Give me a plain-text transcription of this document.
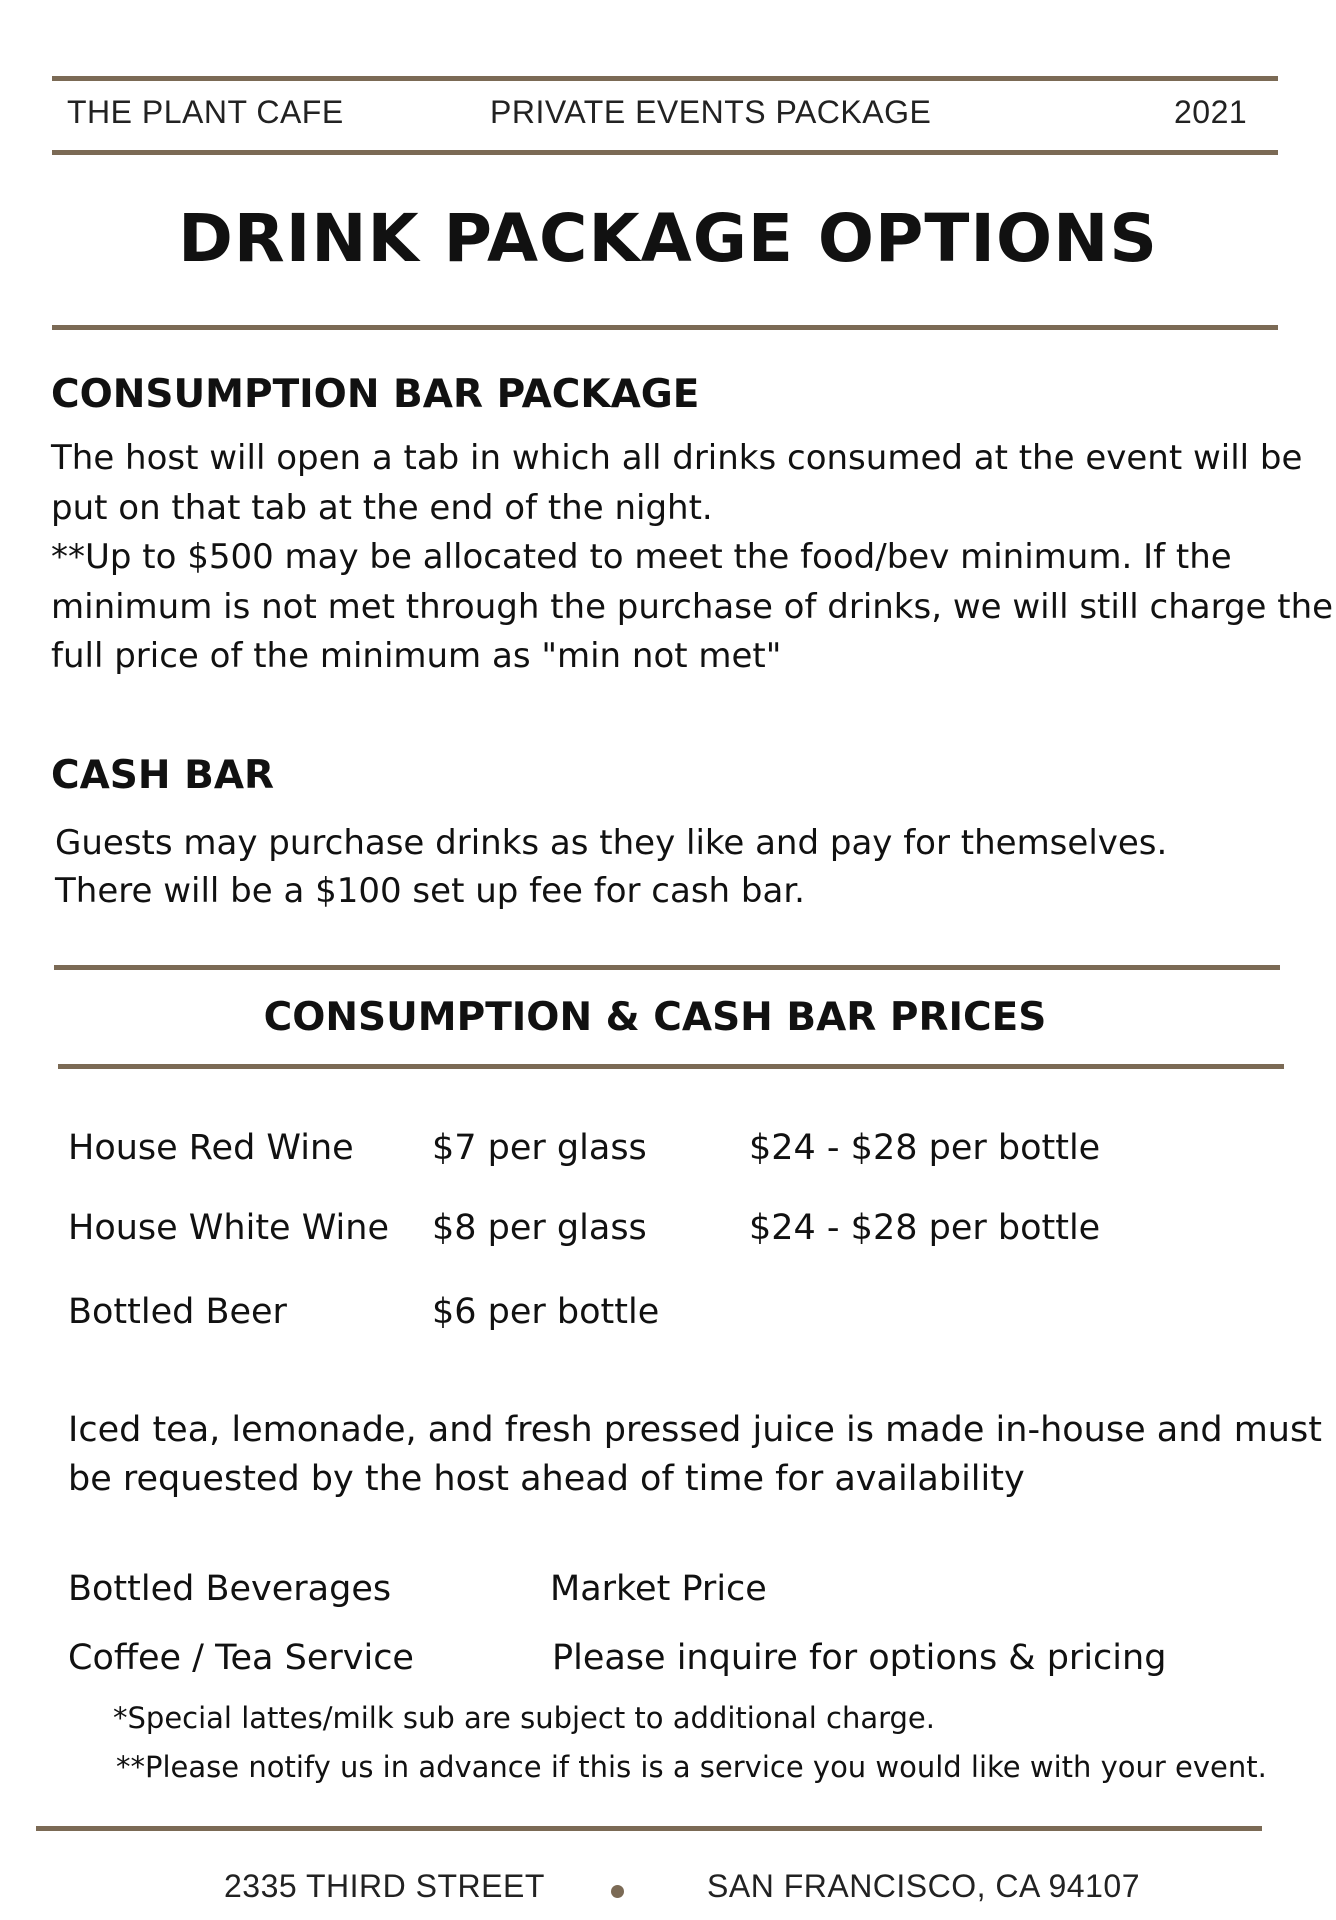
THE PLANT CAFE	PRIVATE EVENTS PACKAGE	2021
DRINK PACKAGE OPTIONS
CONSUMPTION BAR PACKAGE
The host will open a tab in which all drinks consumed at the event will be
put on that tab at the end of the night.
**Up to $500 may be allocated to meet the food/bev minimum. If the
minimum is not met through the purchase of drinks, we will still charge the
full price of the minimum as "min not met"
CASH BAR
Guests may purchase drinks as they like and pay for themselves.
There will be a $100 set up fee for cash bar.
CONSUMPTION & CASH BAR PRICES
House Red Wine $7 per glass	$24 - $28 per bottle
House White Wine $8 per glass	$24 - $28 per bottle
Bottled Beer	$6 per bottle
Iced tea, lemonade, and fresh pressed juice is made in-house and must
be requested by the host ahead of time for availability
Bottled Beverages	Market Price
Coffee / Tea Service	Please inquire for options & pricing
*Special lattes/milk sub are subject to additional charge.
**Please notify us in advance if this is a service you would like with your event.
2335 THIRD STREET	SAN FRANCISCO, CA 94107
